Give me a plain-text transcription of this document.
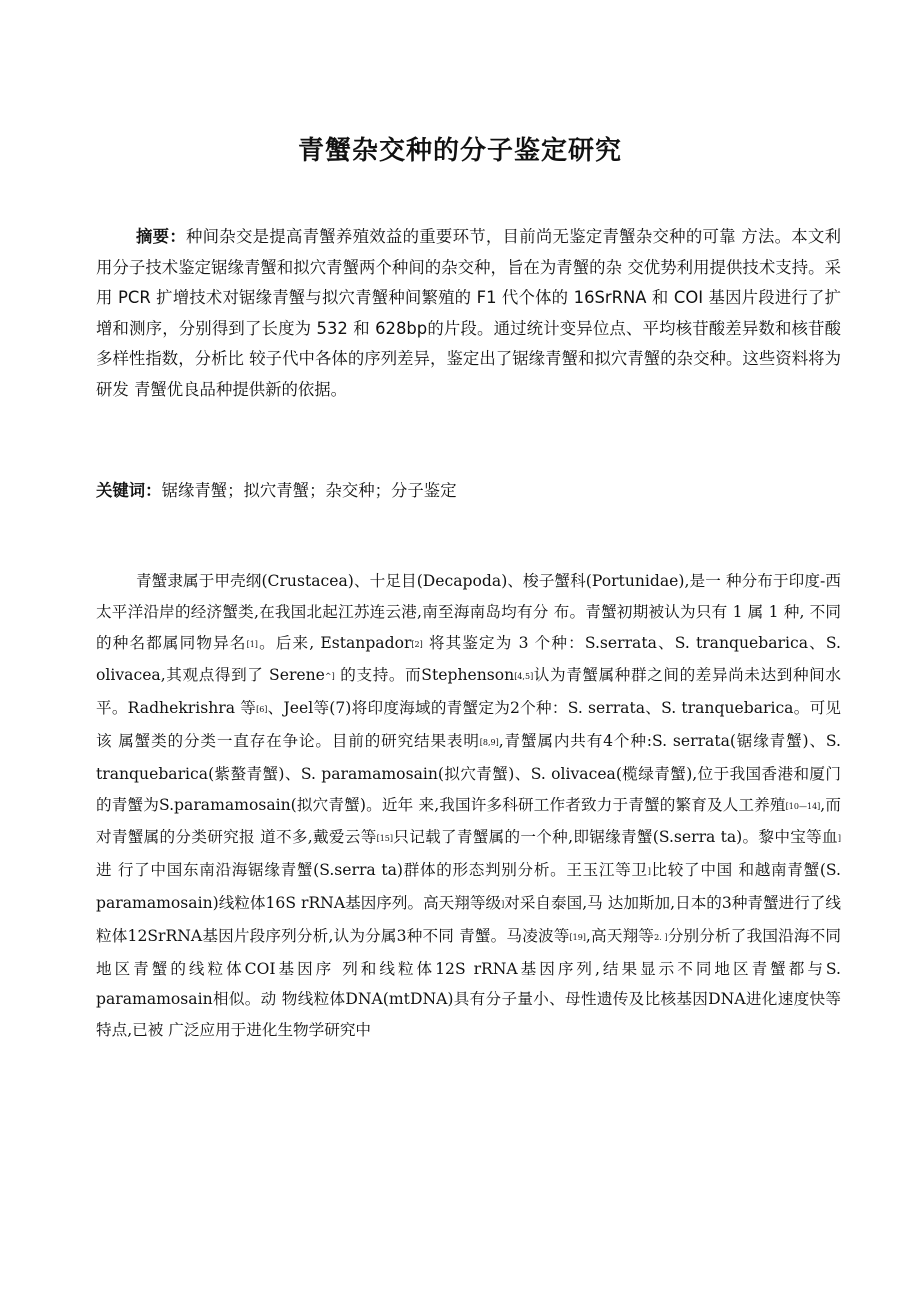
青蟹杂交种的分子鉴定研究
摘要：种间杂交是提高青蟹养殖效益的重要环节，目前尚无鉴定青蟹杂交种的可靠 方法。本文利用分子技术鉴定锯缘青蟹和拟穴青蟹两个种间的杂交种，旨在为青蟹的杂 交优势利用提供技术支持。采用 PCR 扩增技术对锯缘青蟹与拟穴青蟹种间繁殖的 F1 代个体的 16SrRNA 和 COI 基因片段进行了扩增和测序，分别得到了长度为 532 和 628bp的片段。通过统计变异位点、平均核苷酸差异数和核苷酸多样性指数，分析比 较子代中各体的序列差异，鉴定出了锯缘青蟹和拟穴青蟹的杂交种。这些资料将为研发 青蟹优良品种提供新的依据。
关键词：锯缘青蟹；拟穴青蟹；杂交种；分子鉴定
青蟹隶属于甲壳纲(Crustacea)、十足目(Decapoda)、梭子蟹科(Portunidae),是一 种分布于印度-西太平洋沿岸的经济蟹类,在我国北起江苏连云港,南至海南岛均有分 布。青蟹初期被认为只有 1 属 1 种, 不同的种名都属同物异名[1]。后来, Estanpador[2] 将其鉴定为 3 个种：S.serrata、S. tranquebarica、S. olivacea,其观点得到了 Serene^] 的支持。而Stephenson[4,5]认为青蟹属种群之间的差异尚未达到种间水平。Radhekrishra 等[6]、Jeel等(7)将印度海域的青蟹定为2个种：S. serrata、S. tranquebarica。可见该 属蟹类的分类一直存在争论。目前的研究结果表明[8,9],青蟹属内共有4个种:S. serrata(锯缘青蟹)、S. tranquebarica(紫螯青蟹)、S. paramamosain(拟穴青蟹)、S. olivacea(榄绿青蟹),位于我国香港和厦门的青蟹为S.paramamosain(拟穴青蟹)。近年 来,我国许多科研工作者致力于青蟹的繁育及人工养殖[10—14],而对青蟹属的分类研究报 道不多,戴爱云等[15]只记载了青蟹属的一个种,即锯缘青蟹(S.serra ta)。黎中宝等血]进 行了中国东南沿海锯缘青蟹(S.serra ta)群体的形态判别分析。王玉江等卫]比较了中国 和越南青蟹(S. paramamosain)线粒体16S rRNA基因序列。高天翔等级]对采自泰国,马 达加斯加,日本的3种青蟹进行了线粒体12SrRNA基因片段序列分析,认为分属3种不同 青蟹。马凌波等[19],高天翔等2. ]分别分析了我国沿海不同地区青蟹的线粒体COI基因序 列和线粒体12S rRNA基因序列,结果显示不同地区青蟹都与S. paramamosain相似。动 物线粒体DNA(mtDNA)具有分子量小、母性遗传及比核基因DNA进化速度快等特点,已被 广泛应用于进化生物学研究中
